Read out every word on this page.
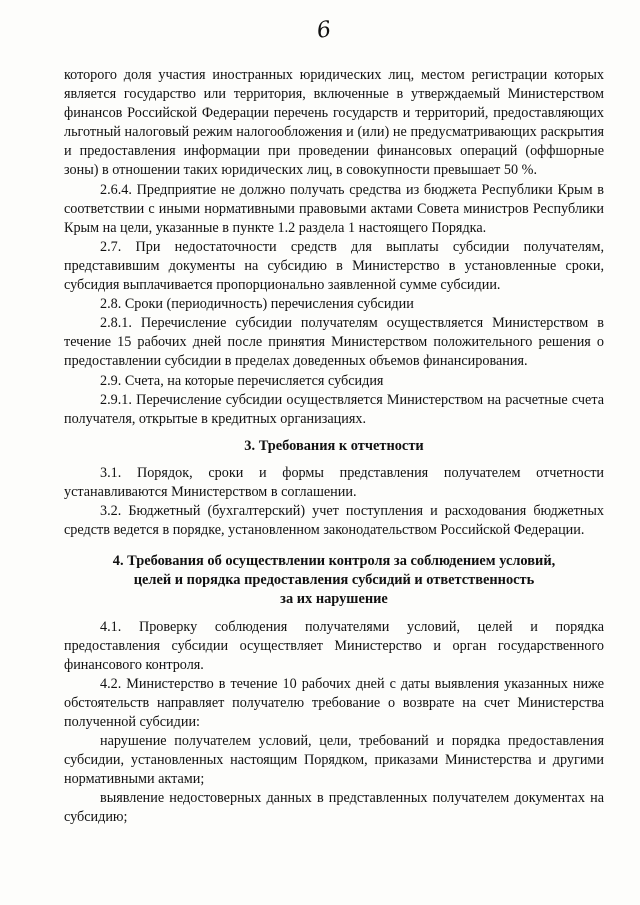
6

которого доля участия иностранных юридических лиц, местом регистрации которых является государство или территория, включенные в утверждаемый Министерством финансов Российской Федерации перечень государств и территорий, предоставляющих льготный налоговый режим налогообложения и (или) не предусматривающих раскрытия и предоставления информации при проведении финансовых операций (оффшорные зоны) в отношении таких юридических лиц, в совокупности превышает 50 %.

2.6.4. Предприятие не должно получать средства из бюджета Республики Крым в соответствии с иными нормативными правовыми актами Совета министров Республики Крым на цели, указанные в пункте 1.2 раздела 1 настоящего Порядка.

2.7. При недостаточности средств для выплаты субсидии получателям, представившим документы на субсидию в Министерство в установленные сроки, субсидия выплачивается пропорционально заявленной сумме субсидии.

2.8. Сроки (периодичность) перечисления субсидии

2.8.1. Перечисление субсидии получателям осуществляется Министерством в течение 15 рабочих дней после принятия Министерством положительного решения о предоставлении субсидии в пределах доведенных объемов финансирования.

2.9. Счета, на которые перечисляется субсидия

2.9.1. Перечисление субсидии осуществляется Министерством на расчетные счета получателя, открытые в кредитных организациях.

3. Требования к отчетности

3.1. Порядок, сроки и формы представления получателем отчетности устанавливаются Министерством в соглашении.

3.2. Бюджетный (бухгалтерский) учет поступления и расходования бюджетных средств ведется в порядке, установленном законодательством Российской Федерации.

4. Требования об осуществлении контроля за соблюдением условий,
целей и порядка предоставления субсидий и ответственность
за их нарушение

4.1. Проверку соблюдения получателями условий, целей и порядка предоставления субсидии осуществляет Министерство и орган государственного финансового контроля.

4.2. Министерство в течение 10 рабочих дней с даты выявления указанных ниже обстоятельств направляет получателю требование о возврате на счет Министерства полученной субсидии:

нарушение получателем условий, цели, требований и порядка предоставления субсидии, установленных настоящим Порядком, приказами Министерства и другими нормативными актами;

выявление недостоверных данных в представленных получателем документах на субсидию;
